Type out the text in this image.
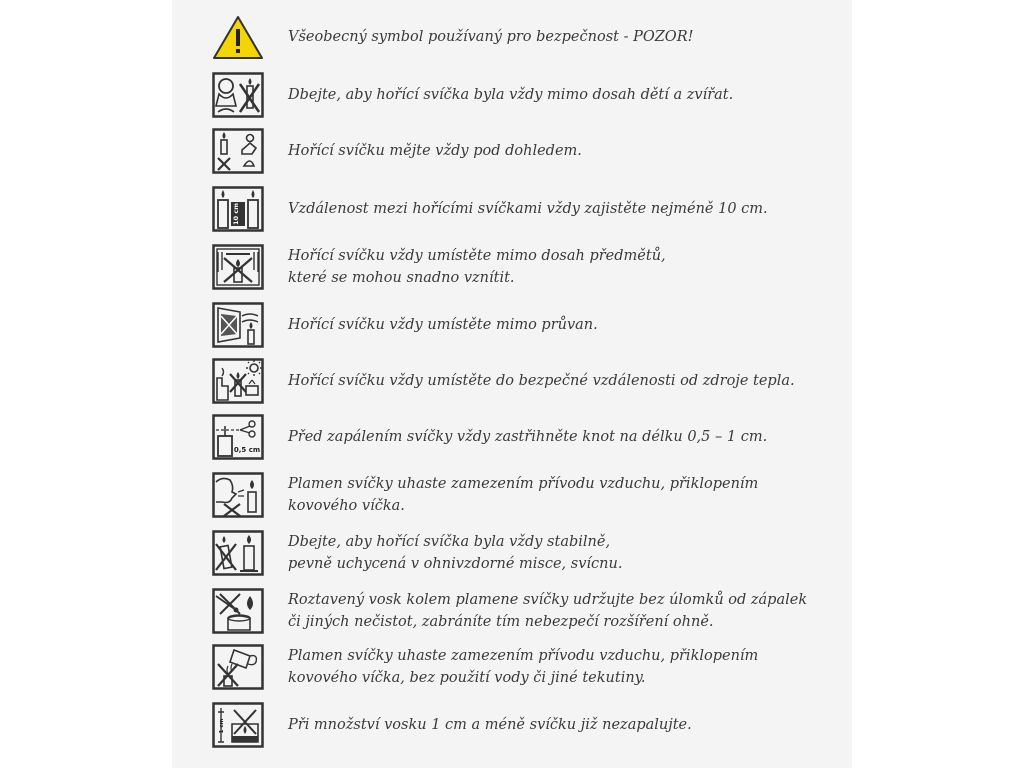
Všeobecný symbol používaný pro bezpečnost - POZOR!
Dbejte, aby hořící svíčka byla vždy mimo dosah dětí a zvířat.
Hořící svíčku mějte vždy pod dohledem.
10 cm	Vzdálenost mezi hořícími svíčkami vždy zajistěte nejméně 10 cm.
Hořící svíčku vždy umístěte mimo dosah předmětů,
které se mohou snadno vznítit.
Hořící svíčku vždy umístěte mimo průvan.
Hořící svíčku vždy umístěte do bezpečné vzdálenosti od zdroje tepla.
0,5 cm
Před zapálením svíčky vždy zastřihněte knot na délku 0,5 – 1 cm.
Plamen svíčky uhaste zamezením přívodu vzduchu, přiklopením
kovového víčka.
Dbejte, aby hořící svíčka byla vždy stabilně,
pevně uchycená v ohnivzdorné misce, svícnu.
Roztavený vosk kolem plamene svíčky udržujte bez úlomků od zápalek
či jiných nečistot, zabráníte tím nebezpečí rozšíření ohně.
Plamen svíčky uhaste zamezením přívodu vzduchu, přiklopením
kovového víčka, bez použití vody či jiné tekutiny.
1 cm	Při množství vosku 1 cm a méně svíčku již nezapalujte.
